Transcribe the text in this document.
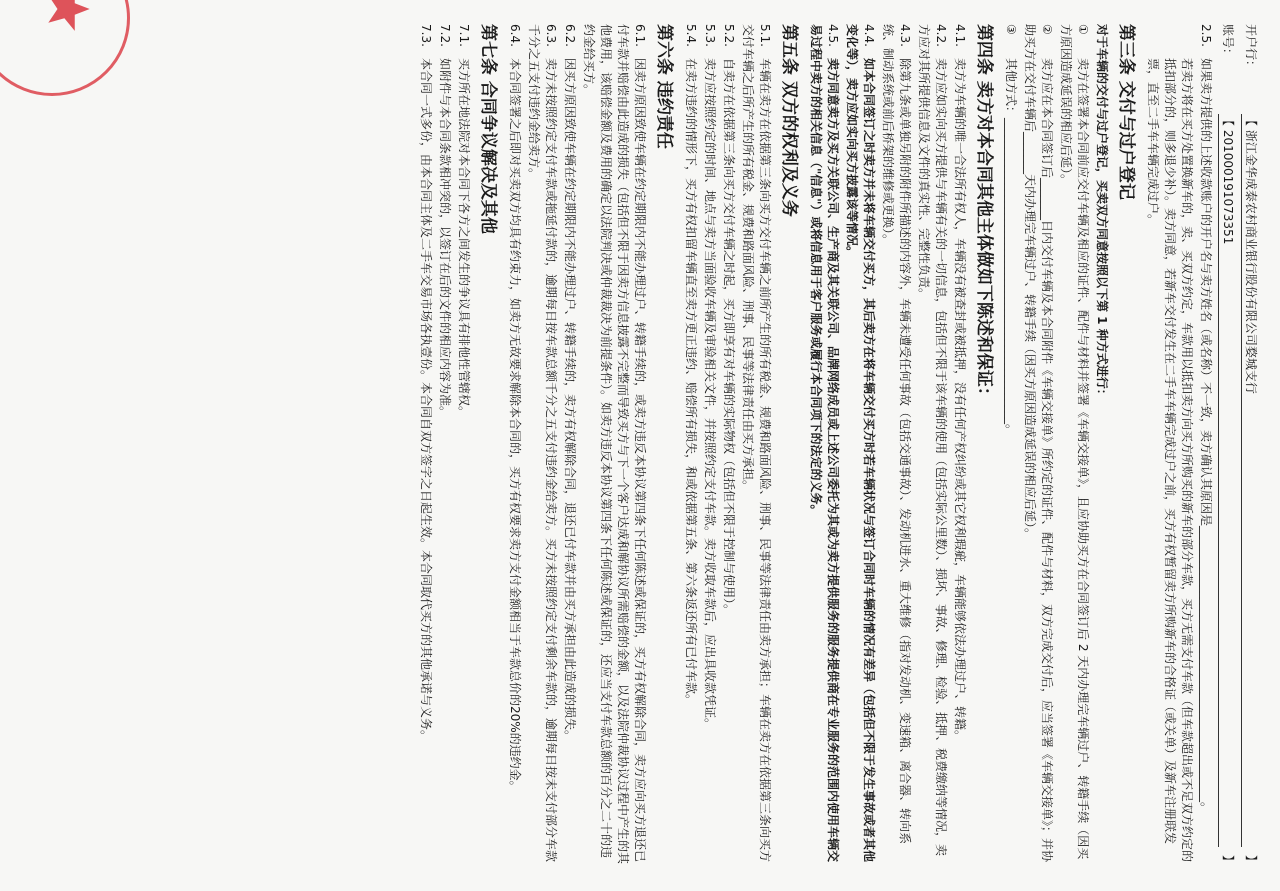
开户行：
【 浙江金华成泰农村商业银行股份有限公司婺城支行
】
账号：
【 201000191073351
】
2.5.如果卖方提供的上述收款账户的开户名与卖方姓名（或名称）不一致，卖方确认其原因是______________________________________________。
若卖方将在买方处置换新车的，卖、买双方约定，车款用以抵扣卖方向买方所购买的新车的部分车款，买方无需支付车款（但车款超出或不足双方约定的抵扣部分的，则多退少补）。卖方同意，若新车交付发生在二手车车辆完成过户之前，买方有权暂留卖方所购新车的合格证（或关单）及新车注册联发票，直至二手车车辆完成过户。
第三条 交付与过户登记
对于车辆的交付与过户登记，买卖双方同意按照以下第 1 种方式进行：
①卖方在签署本合同前应交付车辆及相应的证件、配件与材料并签署《车辆交接单》，且应协助买方在合同签订后 2 天内办理完车辆过户、转籍手续（因买方原因造成延误的相应后延）。
②卖方应在本合同签订后_______日内交付车辆及本合同附件《车辆交接单》所约定的证件、配件与材料，双方完成交付后，应当签署《车辆交接单》；并协助买方在交付车辆后_______天内办理完车辆过户、转籍手续（因买方原因造成延误的相应后延）。
③其他方式：___________________________________________________。
第四条 卖方对本合同其他主体做如下陈述和保证：
4.1.卖方为车辆的唯一合法所有权人，车辆没有被查封或被抵押，没有任何产权纠纷或其它权利瑕疵，车辆能够依法办理过户、转籍。
4.2.卖方应如实向买方提供与车辆有关的一切信息，包括但不限于该车辆的使用（包括实际公里数）、损坏、事故、修理、检验、抵押、税费缴纳等情况，卖方应对其所提供信息及文件的真实性、完整性负责。
4.3.除第九条或单独另附的附件所描述的内容外，车辆未遭受任何事故（包括交通事故）、发动机进水、重大维修（指对发动机、变速箱、离合器、转向系统、制动系统或前后桥架的维修或更换）。
4.4.如本合同签订之时卖方并未将车辆交付买方，其后卖方在将车辆交付买方时若车辆状况与签订合同时车辆的情况有差异（包括但不限于发生事故或者其他变化等），卖方应如实向买方披露该等情况。
4.5.卖方同意卖方及买方关联公司、生产商及其关联公司、品牌网络成员或上述公司委托为其或为卖方提供服务的服务提供商在专业服务的范围内使用车辆交易过程中卖方的相关信息（"信息"）或将信息用于客户服务或履行本合同项下的法定的义务。
第五条 双方的权利及义务
5.1.车辆在卖方在依据第三条向买方交付车辆之前所产生的所有税金、规费和路面风险、刑事、民事等法律责任由卖方承担；车辆在卖方在依据第三条向买方交付车辆之后所产生的所有税金、规费和路面风险、刑事、民事等法律责任由买方承担。
5.2.自卖方在依据第三条向买方交付车辆之时起，买方即享有对车辆的实际物权（包括但不限于控制与使用）。
5.3.卖方应按照约定的时间、地点与卖方当面验收车辆及审验相关文件，并按照约定支付车款。卖方收取车款后，应出具收款凭证。
5.4.在卖方违约的情形下，买方有权扣留车辆直至卖方更正违约、赔偿所有损失，和或依据第五条、第六条返还所有已付车款。
第六条 违约责任
6.1.因卖方原因致使车辆在约定期限内不能办理过户、转籍手续的，或卖方违反本协议第四条下任何陈述或保证的，买方有权解除合同，卖方应向买方退还已付车款并赔偿由此造成的损失（包括但不限于因卖方信息披露不完整而导致买方与下一个客户达成和解协议所需赔偿的金额，以及法院仲裁协议过程中产生的其他费用，该赔偿金额及费用的确定以法院判决或仲裁裁决为前提条件）。如卖方违反本协议第四条下任何陈述或保证的，还应当支付车款总额的百分之二十的违约金给买方。
6.2.因买方原因致使车辆在约定期限内不能办理过户、转籍手续的，卖方有权解除合同，退还已付车款并由买方承担由此造成的损失。
6.3.卖方未按照约定支付车款或拖延付款的，逾期每日按车款总额千分之五支付违约金给卖方。买方未按照约定支付剩余车款的，逾期每日按未支付部分车款千分之五支付违约金给卖方。
6.4.本合同签署之后即对买卖双方均具有约束力，如卖方无故要求解除本合同的，买方有权要求卖方支付金额相当于车款总价的20%的违约金。
第七条 合同争议解决及其他
7.1.买方所在地法院对本合同下各方之间发生的争议具有排他性管辖权。
7.2.如附件与本合同条款相冲突的，以签订在后的文件的相应内容为准。
7.3.本合同一式多份，由本合同主体及二手车交易市场各执壹份。本合同自双方签字之日起生效。本合同取代买方的其他承诺与义务。
